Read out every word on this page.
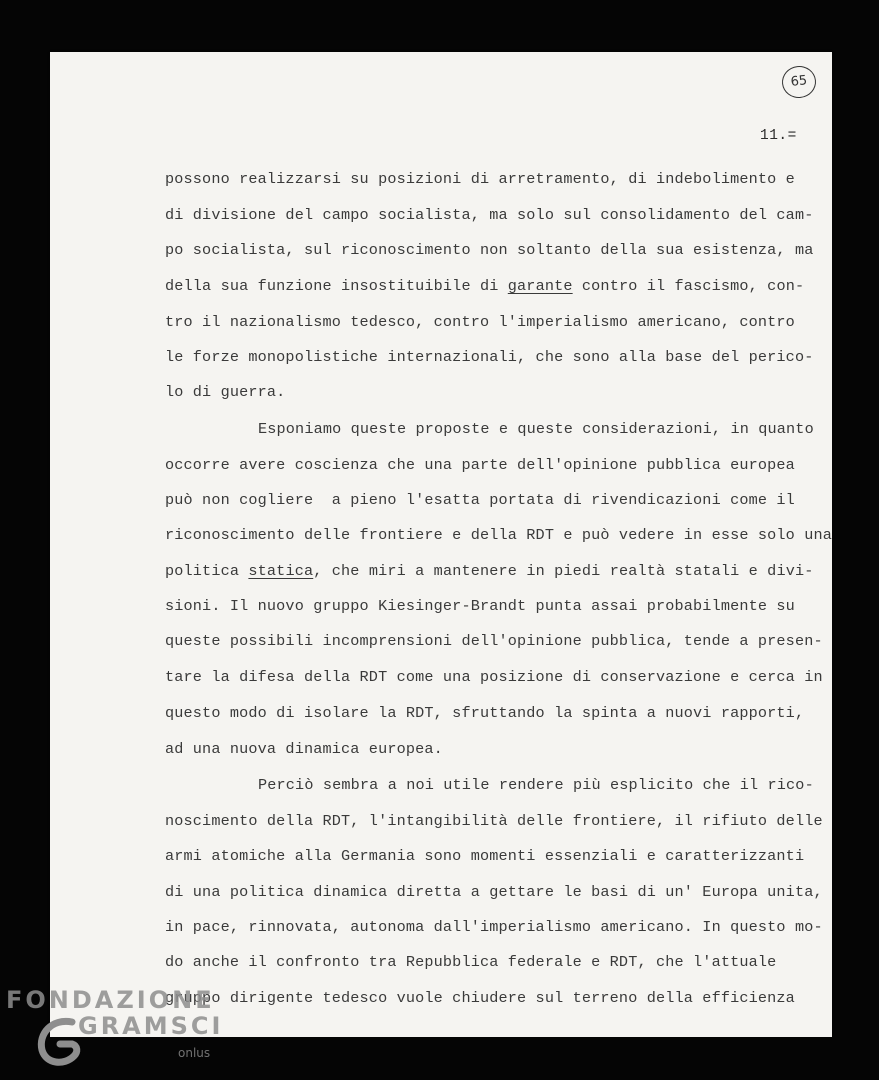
65
11.=
possono realizzarsi su posizioni di arretramento, di indebolimento e
di divisione del campo socialista, ma solo sul consolidamento del cam-
po socialista, sul riconoscimento non soltanto della sua esistenza, ma
della sua funzione insostituibile di garante contro il fascismo, con-
tro il nazionalismo tedesco, contro l'imperialismo americano, contro
le forze monopolistiche internazionali, che sono alla base del perico-
lo di guerra.
Esponiamo queste proposte e queste considerazioni, in quanto
occorre avere coscienza che una parte dell'opinione pubblica europea
può non cogliere  a pieno l'esatta portata di rivendicazioni come il
riconoscimento delle frontiere e della RDT e può vedere in esse solo una
politica statica, che miri a mantenere in piedi realtà statali e divi-
sioni. Il nuovo gruppo Kiesinger-Brandt punta assai probabilmente su
queste possibili incomprensioni dell'opinione pubblica, tende a presen-
tare la difesa della RDT come una posizione di conservazione e cerca in
questo modo di isolare la RDT, sfruttando la spinta a nuovi rapporti,
ad una nuova dinamica europea.
Perciò sembra a noi utile rendere più esplicito che il rico-
noscimento della RDT, l'intangibilità delle frontiere, il rifiuto delle
armi atomiche alla Germania sono momenti essenziali e caratterizzanti
di una politica dinamica diretta a gettare le basi di un' Europa unita,
in pace, rinnovata, autonoma dall'imperialismo americano. In questo mo-
do anche il confronto tra Repubblica federale e RDT, che l'attuale
gruppo dirigente tedesco vuole chiudere sul terreno della efficienza
FONDAZIONE
GRAMSCI
onlus
